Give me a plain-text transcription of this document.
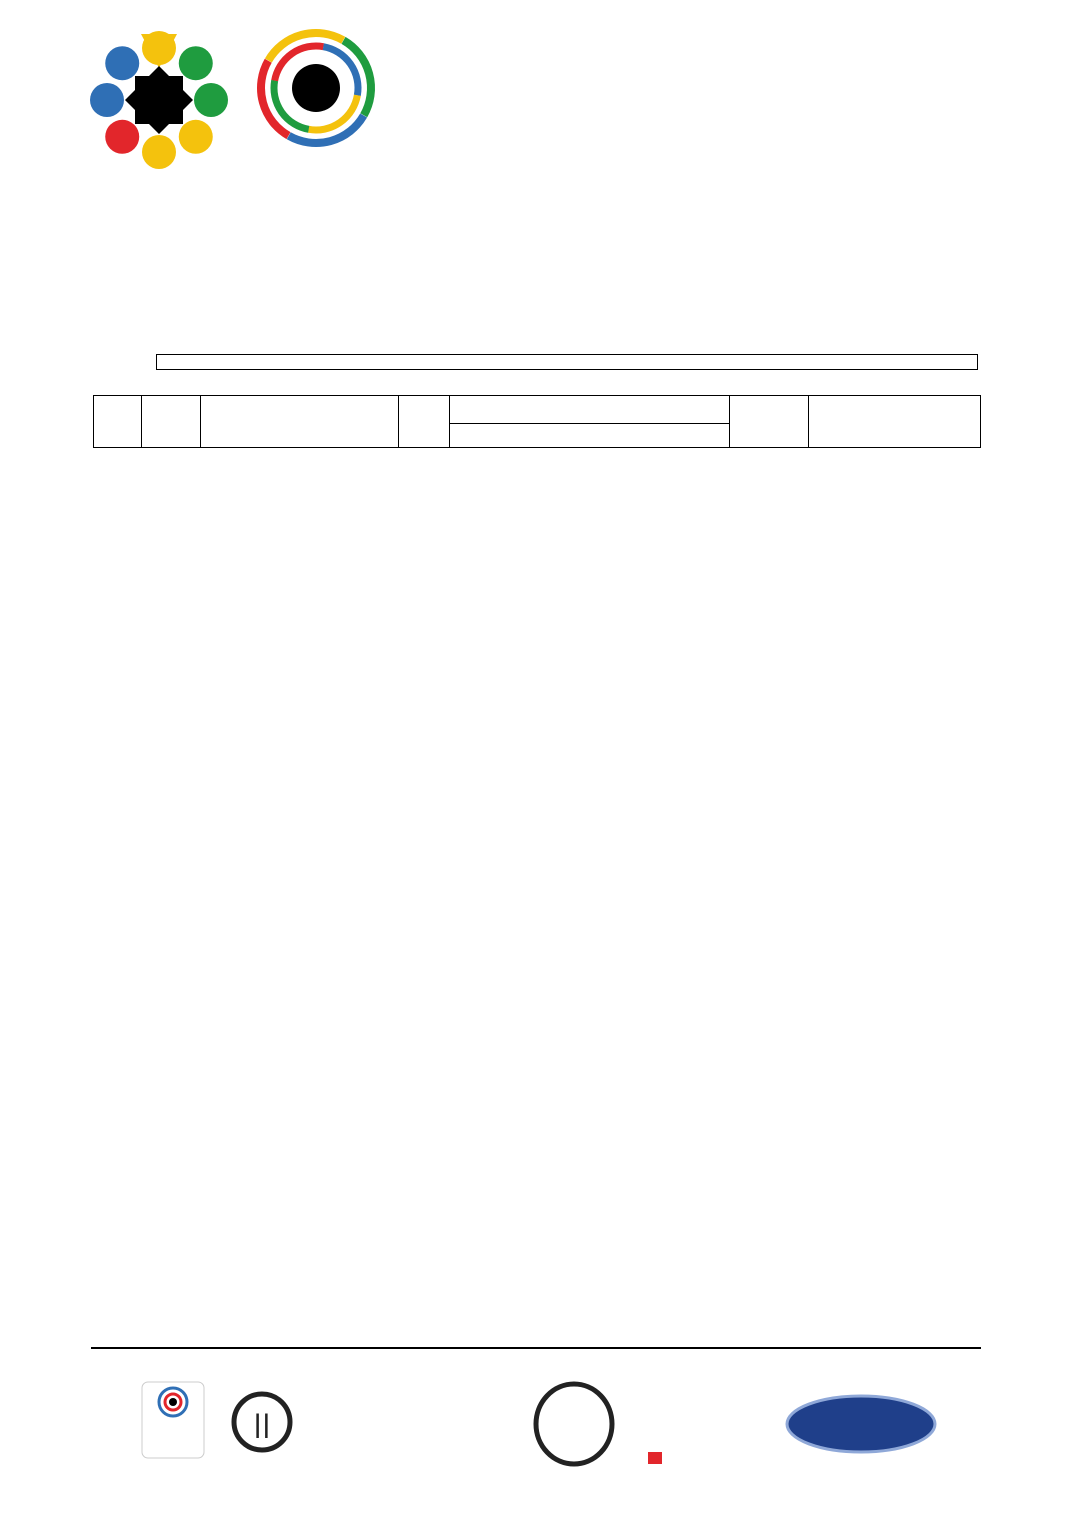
||
